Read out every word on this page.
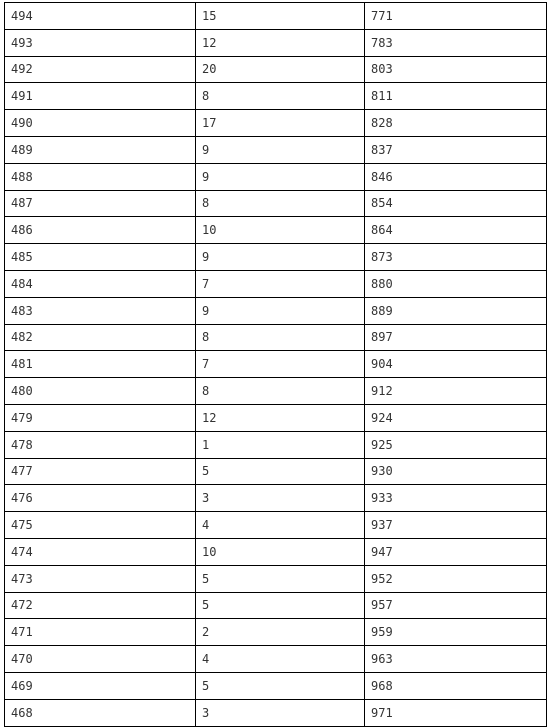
494	15	771
493	12	783
492	20	803
491	8	811
490	17	828
489	9	837
488	9	846
487	8	854
486	10	864
485	9	873
484	7	880
483	9	889
482	8	897
481	7	904
480	8	912
479	12	924
478	1	925
477	5	930
476	3	933
475	4	937
474	10	947
473	5	952
472	5	957
471	2	959
470	4	963
469	5	968
468	3	971
